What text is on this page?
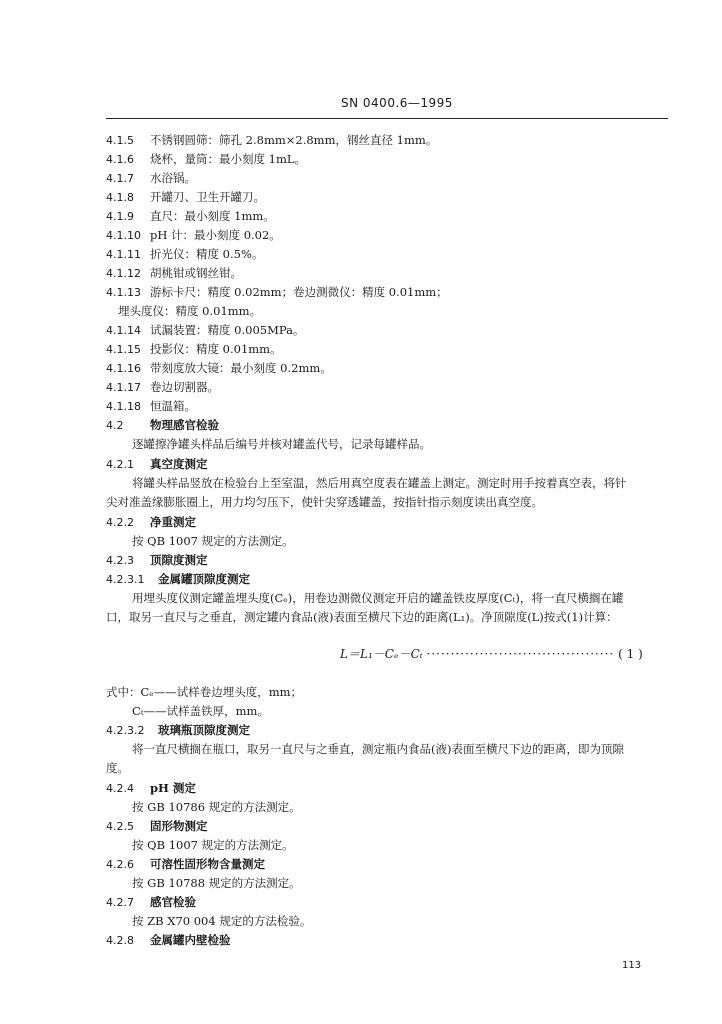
SN 0400.6—1995
4.1.5 不锈钢圆筛：筛孔 2.8mm×2.8mm，钢丝直径 1mm。
4.1.6 烧杯，量筒：最小刻度 1mL。
4.1.7 水浴锅。
4.1.8 开罐刀、卫生开罐刀。
4.1.9 直尺：最小刻度 1mm。
4.1.10 pH 计：最小刻度 0.02。
4.1.11 折光仪：精度 0.5%。
4.1.12 胡桃钳或钢丝钳。
4.1.13 游标卡尺：精度 0.02mm；卷边测微仪：精度 0.01mm；
埋头度仪：精度 0.01mm。
4.1.14 试漏装置：精度 0.005MPa。
4.1.15 投影仪：精度 0.01mm。
4.1.16 带刻度放大镜：最小刻度 0.2mm。
4.1.17 卷边切割器。
4.1.18 恒温箱。
4.2 物理感官检验
逐罐擦净罐头样品后编号并核对罐盖代号，记录每罐样品。
4.2.1 真空度测定
将罐头样品竖放在检验台上至室温，然后用真空度表在罐盖上测定。测定时用手按着真空表，将针
尖对准盖缘膨胀圈上，用力均匀压下，使针尖穿透罐盖，按指针指示刻度读出真空度。
4.2.2 净重测定
按 QB 1007 规定的方法测定。
4.2.3 顶隙度测定
4.2.3.1 金属罐顶隙度测定
用埋头度仪测定罐盖埋头度(Cₑ)，用卷边测微仪测定开启的罐盖铁皮厚度(Cₜ)，将一直尺横搁在罐
口，取另一直尺与之垂直，测定罐内食品(液)表面至横尺下边的距离(L₁)。净顶隙度(L)按式(1)计算：
式中：Cₑ——试样卷边埋头度，mm；
Cₜ——试样盖铁厚，mm。
4.2.3.2 玻璃瓶顶隙度测定
将一直尺横搁在瓶口，取另一直尺与之垂直，测定瓶内食品(液)表面至横尺下边的距离，即为顶隙
度。
4.2.4 pH 测定
按 GB 10786 规定的方法测定。
4.2.5 固形物测定
按 QB 1007 规定的方法测定。
4.2.6 可溶性固形物含量测定
按 GB 10788 规定的方法测定。
4.2.7 感官检验
按 ZB X70 004 规定的方法检验。
4.2.8 金属罐内壁检验
L＝L₁－Cₑ－Cₜ ······································· ( 1 )
113
